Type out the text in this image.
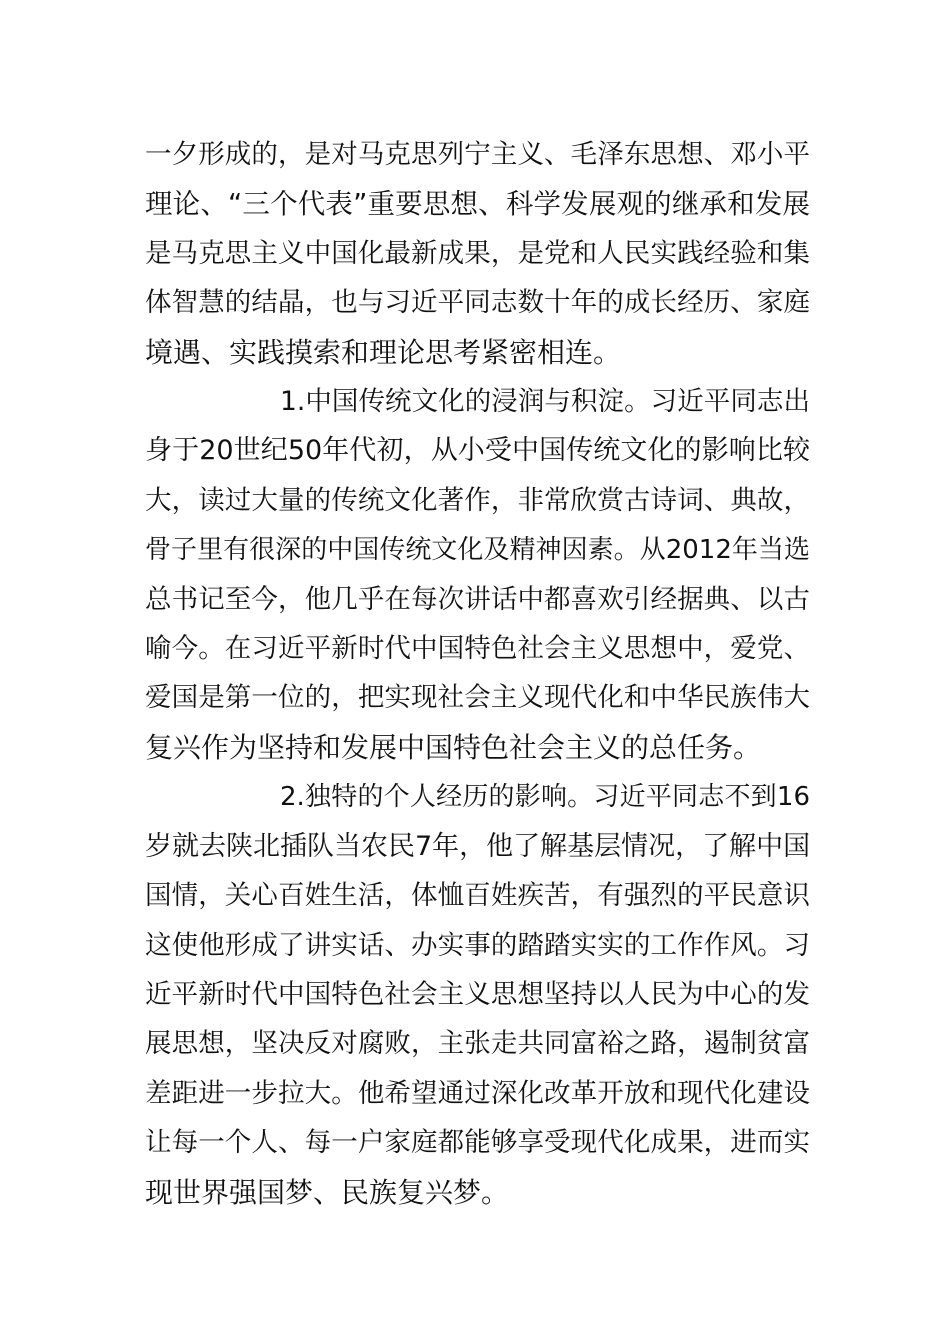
一夕形成的，是对马克思列宁主义、毛泽东思想、邓小平
理论、“三个代表”重要思想、科学发展观的继承和发展
是马克思主义中国化最新成果，是党和人民实践经验和集
体智慧的结晶，也与习近平同志数十年的成长经历、家庭
境遇、实践摸索和理论思考紧密相连。
1.中国传统文化的浸润与积淀。习近平同志出
身于20世纪50年代初，从小受中国传统文化的影响比较
大，读过大量的传统文化著作，非常欣赏古诗词、典故，
骨子里有很深的中国传统文化及精神因素。从2012年当选
总书记至今，他几乎在每次讲话中都喜欢引经据典、以古
喻今。在习近平新时代中国特色社会主义思想中，爱党、
爱国是第一位的，把实现社会主义现代化和中华民族伟大
复兴作为坚持和发展中国特色社会主义的总任务。
2.独特的个人经历的影响。习近平同志不到16
岁就去陕北插队当农民7年，他了解基层情况，了解中国
国情，关心百姓生活，体恤百姓疾苦，有强烈的平民意识
这使他形成了讲实话、办实事的踏踏实实的工作作风。习
近平新时代中国特色社会主义思想坚持以人民为中心的发
展思想，坚决反对腐败，主张走共同富裕之路，遏制贫富
差距进一步拉大。他希望通过深化改革开放和现代化建设
让每一个人、每一户家庭都能够享受现代化成果，进而实
现世界强国梦、民族复兴梦。
